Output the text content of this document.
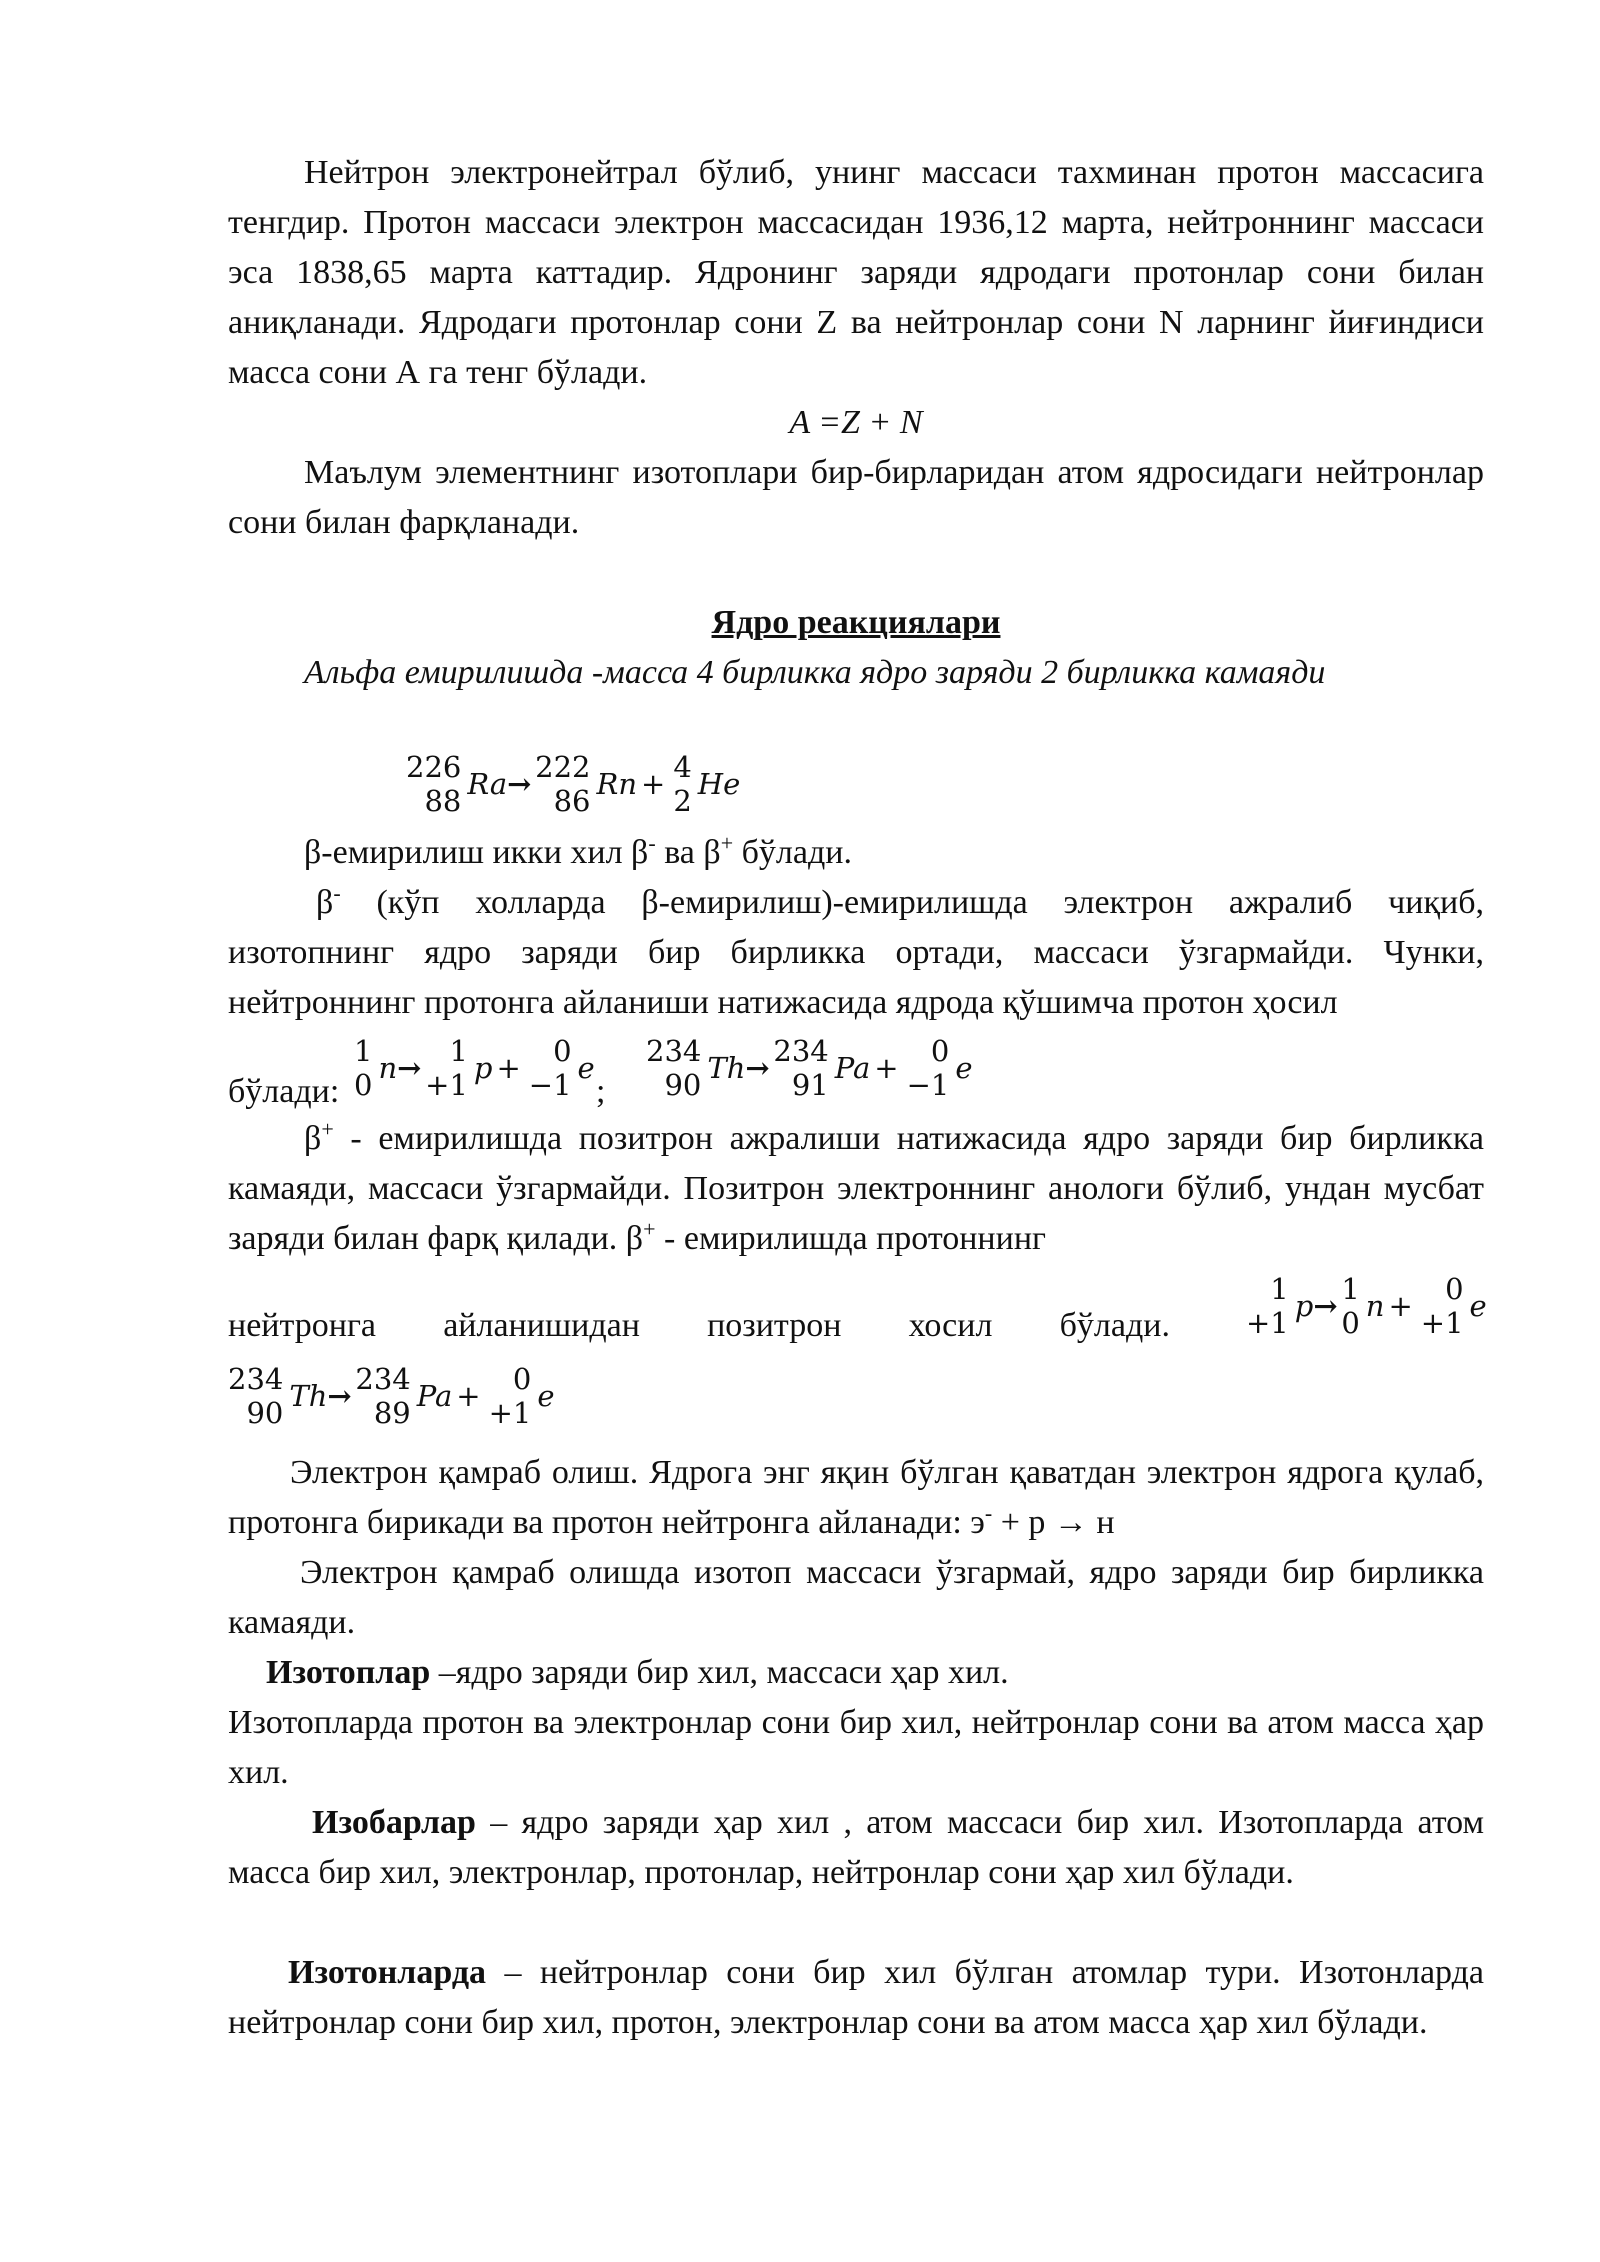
Нейтрон электронейтрал бўлиб, унинг массаси тахминан протон массасига тенгдир. Протон массаси электрон массасидан 1936,12 марта, нейтроннинг массаси эса 1838,65 марта каттадир. Ядронинг заряди ядродаги протонлар сони билан аниқланади. Ядродаги протонлар сони Z ва нейтронлар сони N ларнинг йиғиндиси масса сони А га тенг бўлади.
A =Z + N
Маълум элементнинг изотоплари бир-бирларидан атом ядросидаги нейтронлар сони билан фарқланади.
Ядро реакциялари
Альфа емирилишда -масса 4 бирликка ядро заряди 2 бирликка камаяди
226
88 Ra → 222
86 Rn + 4
2 He
β-емирилиш икки хил β- ва β+ бўлади.
β- (кўп холларда β-емирилиш)-емирилишда электрон ажралиб чиқиб, изотопнинг ядро заряди бир бирликка ортади, массаси ўзгармайди. Чунки, нейтроннинг протонга айланиши натижасида ядрода қўшимча протон ҳосил
бўлади:
1
0 n → 1
+1 p + 0
−1 e
;
234
90 Th → 234
91 Pa + 0
−1 e
β+ - емирилишда позитрон ажралиши натижасида ядро заряди бир бирликка камаяди, массаси ўзгармайди. Позитрон электроннинг анологи бўлиб, ундан мусбат заряди билан фарқ қилади. β+ - емирилишда протоннинг
нейтронга айланишидан позитрон хосил бўлади.
1
+1 p → 1
0 n + 0
+1 e
234
90 Th → 234
89 Pa + 0
+1 e
Электрон қамраб олиш. Ядрога энг яқин бўлган қаватдан электрон ядрога қулаб, протонга бирикади ва протон нейтронга айланади: э- + р → н
Электрон қамраб олишда изотоп массаси ўзгармай, ядро заряди бир бирликка камаяди.
Изотоплар –ядро заряди бир хил, массаси ҳар хил.
Изотопларда протон ва электронлар сони бир хил, нейтронлар сони ва атом масса ҳар хил.
Изобарлар – ядро заряди ҳар хил , атом массаси бир хил. Изотопларда атом масса бир хил, электронлар, протонлар, нейтронлар сони ҳар хил бўлади.
Изотонларда – нейтронлар сони бир хил бўлган атомлар тури. Изотонларда нейтронлар сони бир хил, протон, электронлар сони ва атом масса ҳар хил бўлади.
